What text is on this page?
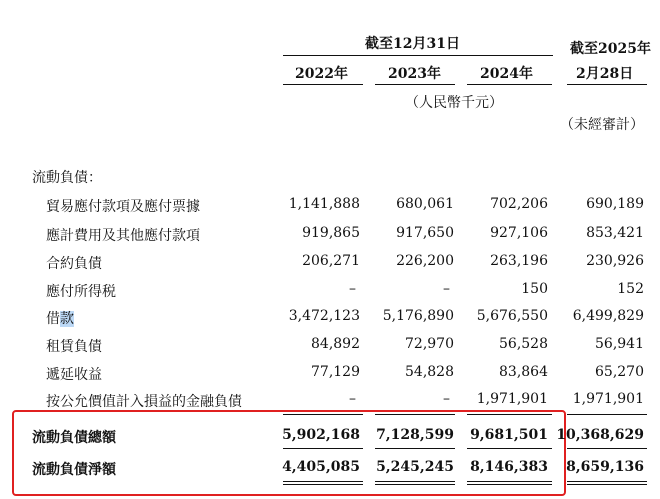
截至12月31日	截至2025年
2022年	2023年	2024年	2月28日
（人民幣千元）
（未經審計）
流動負債：
貿易應付款項及應付票據	1,141,888	680,061	702,206	690,189
應計費用及其他應付款項	919,865	917,650	927,106	853,421
合約負債	206,271	226,200	263,196	230,926
應付所得税	–	–	150	152
借款	3,472,123 5,176,890 5,676,550 6,499,829
租賃負債	84,892	72,970	56,528	56,941
遞延收益	77,129	54,828	83,864	65,270
按公允價值計入損益的金融負債	–	– 1,971,901 1,971,901
流動負債總額	5,902,168 7,128,599 9,681,501 10,368,629
流動負債淨額	4,405,085 5,245,245 8,146,383 8,659,136
